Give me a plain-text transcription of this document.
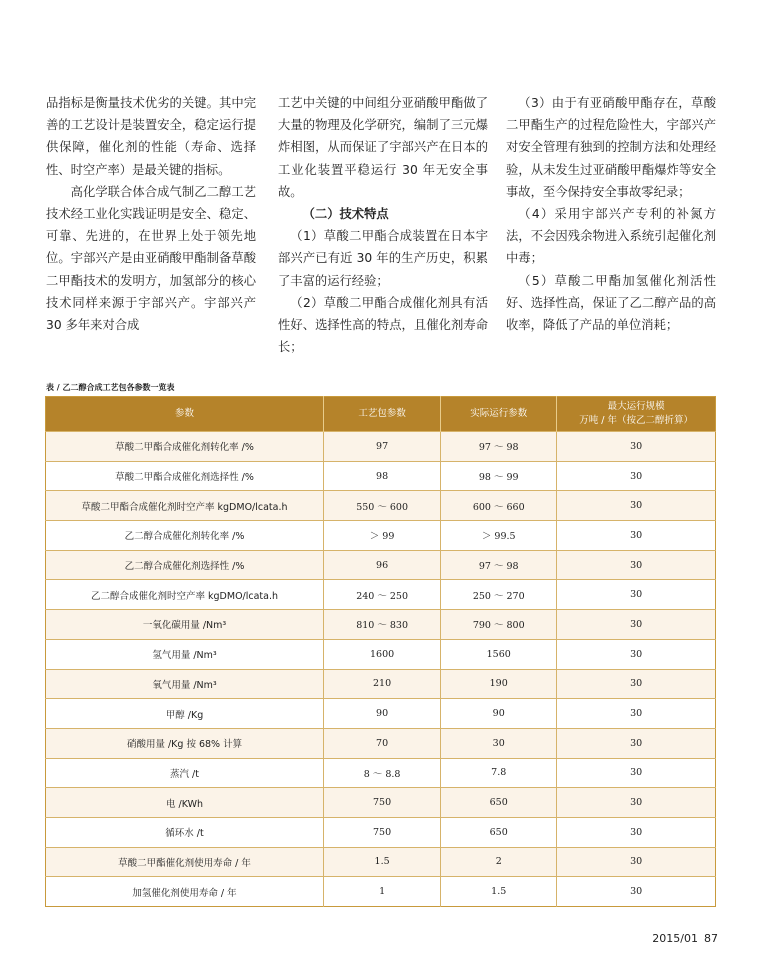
品指标是衡量技术优劣的关键。其中完善的工艺设计是装置安全，稳定运行提供保障，催化剂的性能（寿命、选择性、时空产率）是最关键的指标。

高化学联合体合成气制乙二醇工艺技术经工业化实践证明是安全、稳定、可靠、先进的，在世界上处于领先地位。宇部兴产是由亚硝酸甲酯制备草酸二甲酯技术的发明方，加氢部分的核心技术同样来源于宇部兴产。宇部兴产 30 多年来对合成

工艺中关键的中间组分亚硝酸甲酯做了大量的物理及化学研究，编制了三元爆炸相图，从而保证了宇部兴产在日本的工业化装置平稳运行 30 年无安全事故。

（二）技术特点

（1）草酸二甲酯合成装置在日本宇部兴产已有近 30 年的生产历史，积累了丰富的运行经验；

（2）草酸二甲酯合成催化剂具有活性好、选择性高的特点，且催化剂寿命长；

（3）由于有亚硝酸甲酯存在，草酸二甲酯生产的过程危险性大，宇部兴产对安全管理有独到的控制方法和处理经验，从未发生过亚硝酸甲酯爆炸等安全事故，至今保持安全事故零纪录；

（4）采用宇部兴产专利的补氮方法，不会因残余物进入系统引起催化剂中毒；

（5）草酸二甲酯加氢催化剂活性好、选择性高，保证了乙二醇产品的高收率，降低了产品的单位消耗；

表 / 乙二醇合成工艺包各参数一览表
参数	工艺包参数	实际运行参数	最大运行规模
万吨 / 年（按乙二醇折算）
草酸二甲酯合成催化剂转化率 /%	97	97 ～ 98	30
草酸二甲酯合成催化剂选择性 /%	98	98 ～ 99	30
草酸二甲酯合成催化剂时空产率 kgDMO/lcata.h	550 ～ 600	600 ～ 660	30
乙二醇合成催化剂转化率 /%	＞ 99	＞ 99.5	30
乙二醇合成催化剂选择性 /%	96	97 ～ 98	30
乙二醇合成催化剂时空产率 kgDMO/lcata.h	240 ～ 250	250 ～ 270	30
一氧化碳用量 /Nm³	810 ～ 830	790 ～ 800	30
氢气用量 /Nm³	1600	1560	30
氧气用量 /Nm³	210	190	30
甲醇 /Kg	90	90	30
硝酸用量 /Kg 按 68% 计算	70	30	30
蒸汽 /t	8 ～ 8.8	7.8	30
电 /KWh	750	650	30
循环水 /t	750	650	30
草酸二甲酯催化剂使用寿命 / 年	1.5	2	30
加氢催化剂使用寿命 / 年	1	1.5	30
2015/01 87
